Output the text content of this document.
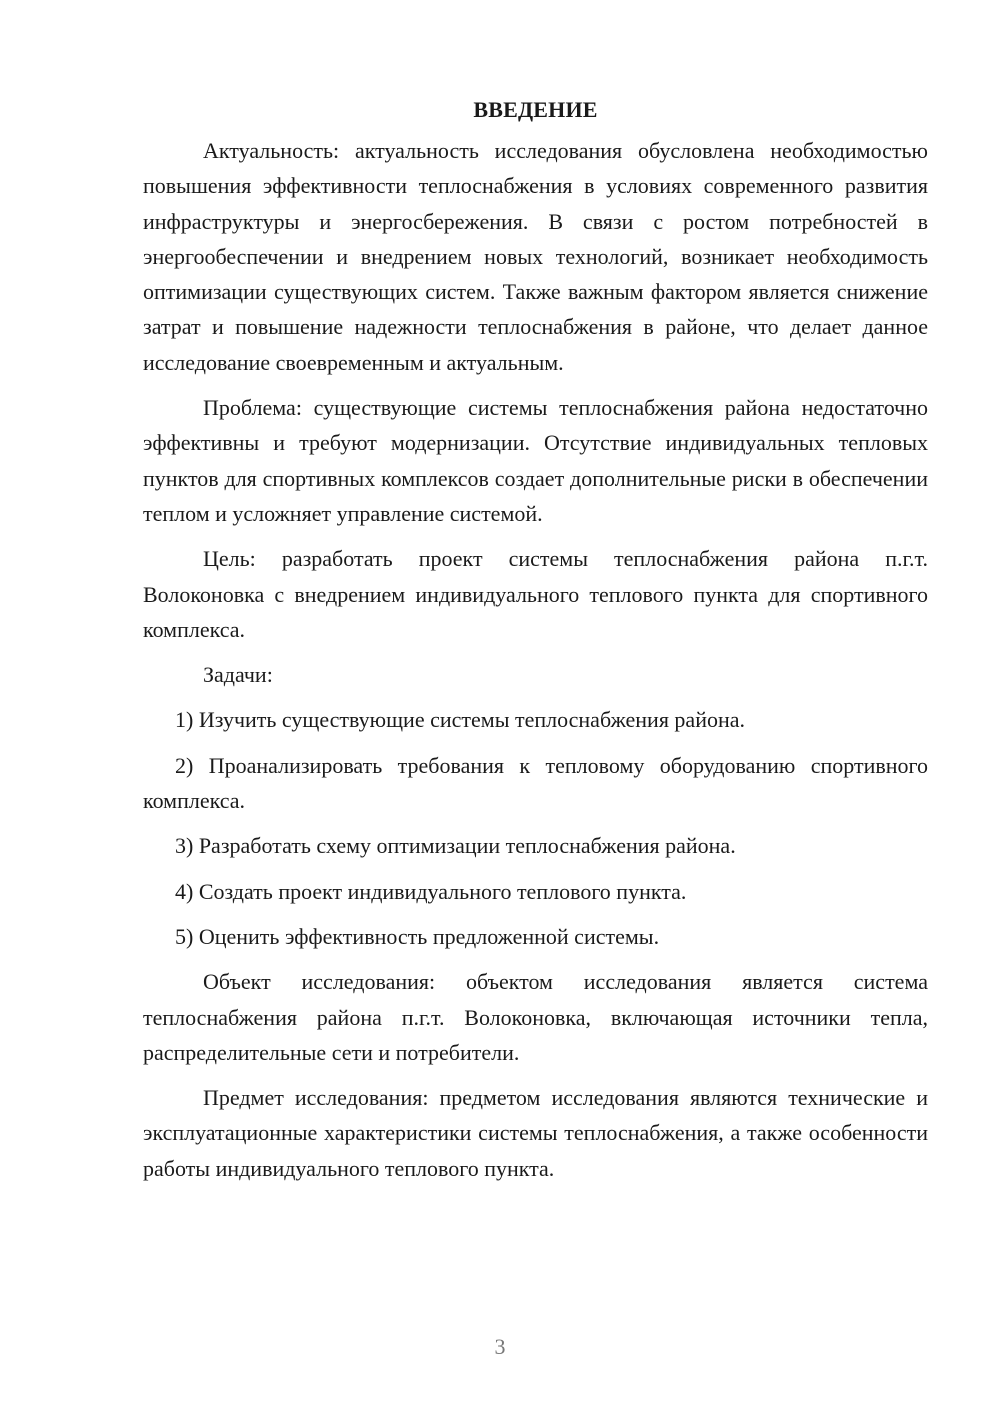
ВВЕДЕНИЕ

Актуальность: актуальность исследования обусловлена необходимостью повышения эффективности теплоснабжения в условиях современного развития инфраструктуры и энергосбережения. В связи с ростом потребностей в энергообеспечении и внедрением новых технологий, возникает необходимость оптимизации существующих систем. Также важным фактором является снижение затрат и повышение надежности теплоснабжения в районе, что делает данное исследование своевременным и актуальным.

Проблема: существующие системы теплоснабжения района недостаточно эффективны и требуют модернизации. Отсутствие индивидуальных тепловых пунктов для спортивных комплексов создает дополнительные риски в обеспечении теплом и усложняет управление системой.

Цель: разработать проект системы теплоснабжения района п.г.т. Волоконовка с внедрением индивидуального теплового пункта для спортивного комплекса.

Задачи:

1) Изучить существующие системы теплоснабжения района.

2) Проанализировать требования к тепловому оборудованию спортивного комплекса.

3) Разработать схему оптимизации теплоснабжения района.

4) Создать проект индивидуального теплового пункта.

5) Оценить эффективность предложенной системы.

Объект исследования: объектом исследования является система теплоснабжения района п.г.т. Волоконовка, включающая источники тепла, распределительные сети и потребители.

Предмет исследования: предметом исследования являются технические и эксплуатационные характеристики системы теплоснабжения, а также особенности работы индивидуального теплового пункта.

3
